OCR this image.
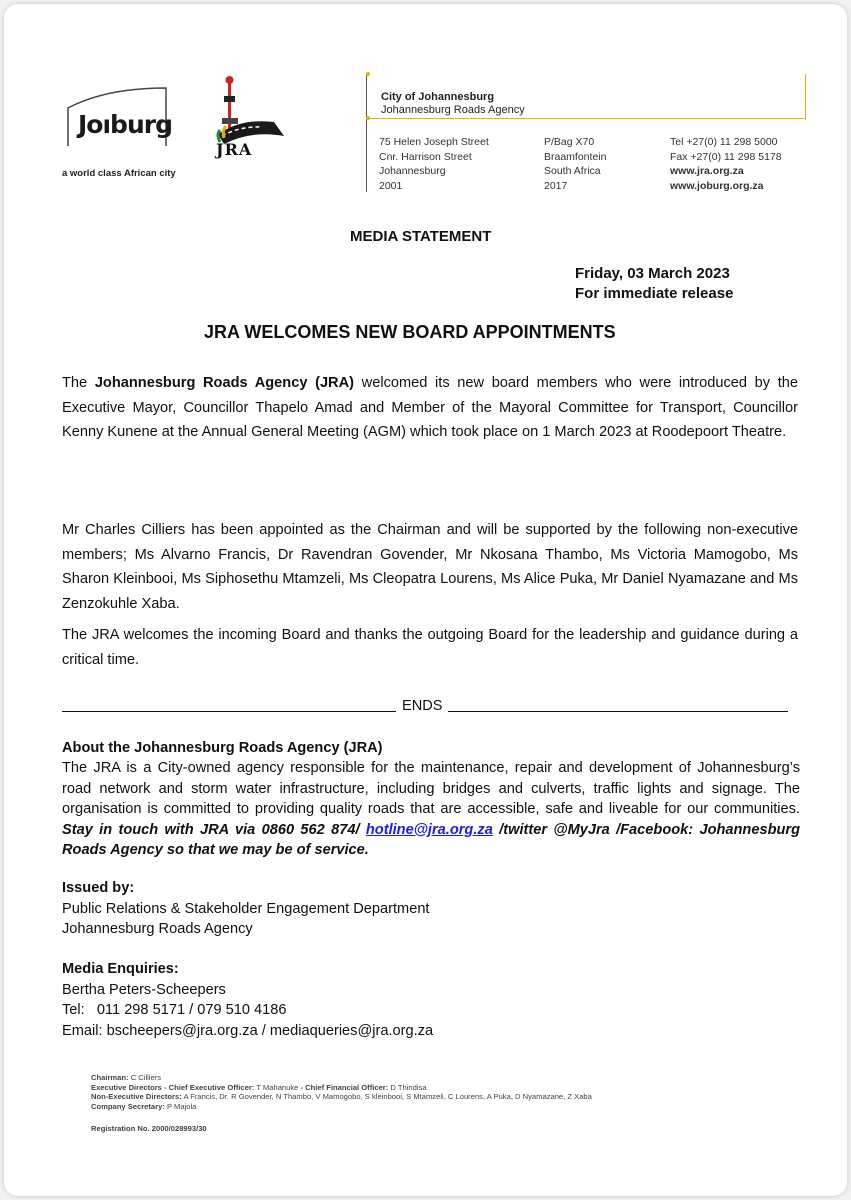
Joıburg
a world class African city
JRA
City of Johannesburg
Johannesburg Roads Agency
75 Helen Joseph Street
Cnr. Harrison Street
Johannesburg
2001
P/Bag X70
Braamfontein
South Africa
2017
Tel +27(0) 11 298 5000
Fax +27(0) 11 298 5178
www.jra.org.za
www.joburg.org.za
MEDIA STATEMENT
Friday, 03 March 2023
For immediate release
JRA WELCOMES NEW BOARD APPOINTMENTS
The Johannesburg Roads Agency (JRA) welcomed its new board members who were introduced by the Executive Mayor, Councillor Thapelo Amad and Member of the Mayoral Committee for Transport, Councillor Kenny Kunene at the Annual General Meeting (AGM) which took place on 1 March 2023 at Roodepoort Theatre.
Mr Charles Cilliers has been appointed as the Chairman and will be supported by the following non-executive members; Ms Alvarno Francis, Dr Ravendran Govender, Mr Nkosana Thambo, Ms Victoria Mamogobo, Ms Sharon Kleinbooi, Ms Siphosethu Mtamzeli, Ms Cleopatra Lourens, Ms Alice Puka, Mr Daniel Nyamazane and Ms Zenzokuhle Xaba.
The JRA welcomes the incoming Board and thanks the outgoing Board for the leadership and guidance during a critical time.
ENDS
About the Johannesburg Roads Agency (JRA)
The JRA is a City-owned agency responsible for the maintenance, repair and development of Johannesburg’s road network and storm water infrastructure, including bridges and culverts, traffic lights and signage. The organisation is committed to providing quality roads that are accessible, safe and liveable for our communities. Stay in touch with JRA via 0860 562 874/ hotline@jra.org.za /twitter @MyJra /Facebook: Johannesburg Roads Agency so that we may be of service.
Issued by:
Public Relations & Stakeholder Engagement Department
Johannesburg Roads Agency
Media Enquiries:
Bertha Peters-Scheepers
Tel:   011 298 5171 / 079 510 4186
Email: bscheepers@jra.org.za / mediaqueries@jra.org.za
Chairman: C Cilliers
Executive Directors - Chief Executive Officer: T Mahanuke - Chief Financial Officer: D Thindisa
Non-Executive Directors: A Francis, Dr. R Govender, N Thambo, V Mamogobo, S kleinbooi, S Mtamzeli, C Lourens, A Puka, D Nyamazane, Z Xaba
Company Secretary: P Majola
Registration No. 2000/028993/30
